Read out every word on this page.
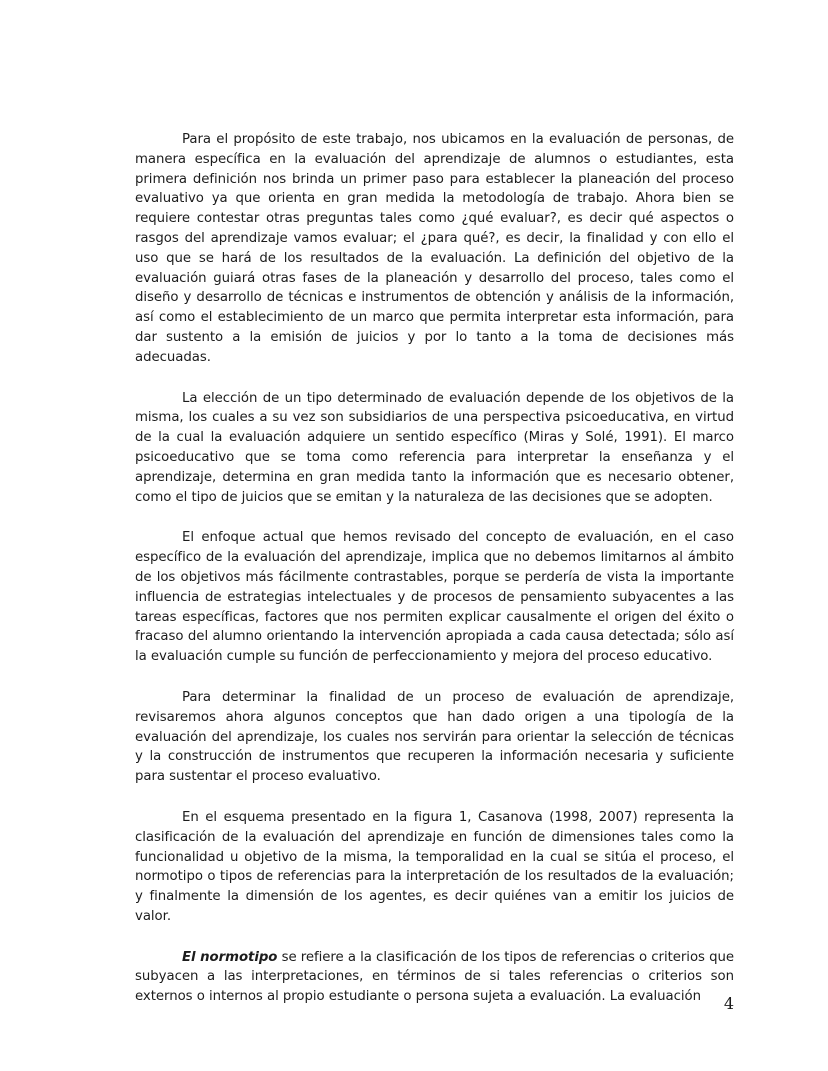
Para el propósito de este trabajo, nos ubicamos en la evaluación de personas, de manera específica en la evaluación del aprendizaje de alumnos o estudiantes, esta primera definición nos brinda un primer paso para establecer la planeación del proceso evaluativo ya que orienta en gran medida la metodología de trabajo. Ahora bien se requiere contestar otras preguntas tales como ¿qué evaluar?, es decir qué aspectos o rasgos del aprendizaje vamos evaluar; el ¿para qué?, es decir, la finalidad y con ello el uso que se hará de los resultados de la evaluación. La definición del objetivo de la evaluación guiará otras fases de la planeación y desarrollo del proceso, tales como el diseño y desarrollo de técnicas e instrumentos de obtención y análisis de la información, así como el establecimiento de un marco que permita interpretar esta información, para dar sustento a la emisión de juicios y por lo tanto a la toma de decisiones más adecuadas.

La elección de un tipo determinado de evaluación depende de los objetivos de la misma, los cuales a su vez son subsidiarios de una perspectiva psicoeducativa, en virtud de la cual la evaluación adquiere un sentido específico (Miras y Solé, 1991). El marco psicoeducativo que se toma como referencia para interpretar la enseñanza y el aprendizaje, determina en gran medida tanto la información que es necesario obtener, como el tipo de juicios que se emitan y la naturaleza de las decisiones que se adopten.

El enfoque actual que hemos revisado del concepto de evaluación, en el caso específico de la evaluación del aprendizaje, implica que no debemos limitarnos al ámbito de los objetivos más fácilmente contrastables, porque se perdería de vista la importante influencia de estrategias intelectuales y de procesos de pensamiento subyacentes a las tareas específicas, factores que nos permiten explicar causalmente el origen del éxito o fracaso del alumno orientando la intervención apropiada a cada causa detectada; sólo así la evaluación cumple su función de perfeccionamiento y mejora del proceso educativo.

Para determinar la finalidad de un proceso de evaluación de aprendizaje, revisaremos ahora algunos conceptos que han dado origen a una tipología de la evaluación del aprendizaje, los cuales nos servirán para orientar la selección de técnicas y la construcción de instrumentos que recuperen la información necesaria y suficiente para sustentar el proceso evaluativo.

En el esquema presentado en la figura 1, Casanova (1998, 2007) representa la clasificación de la evaluación del aprendizaje en función de dimensiones tales como la funcionalidad u objetivo de la misma, la temporalidad en la cual se sitúa el proceso, el normotipo o tipos de referencias para la interpretación de los resultados de la evaluación; y finalmente la dimensión de los agentes, es decir quiénes van a emitir los juicios de valor.

El normotipo se refiere a la clasificación de los tipos de referencias o criterios que subyacen a las interpretaciones, en términos de si tales referencias o criterios son externos o internos al propio estudiante o persona sujeta a evaluación. La evaluación	4
